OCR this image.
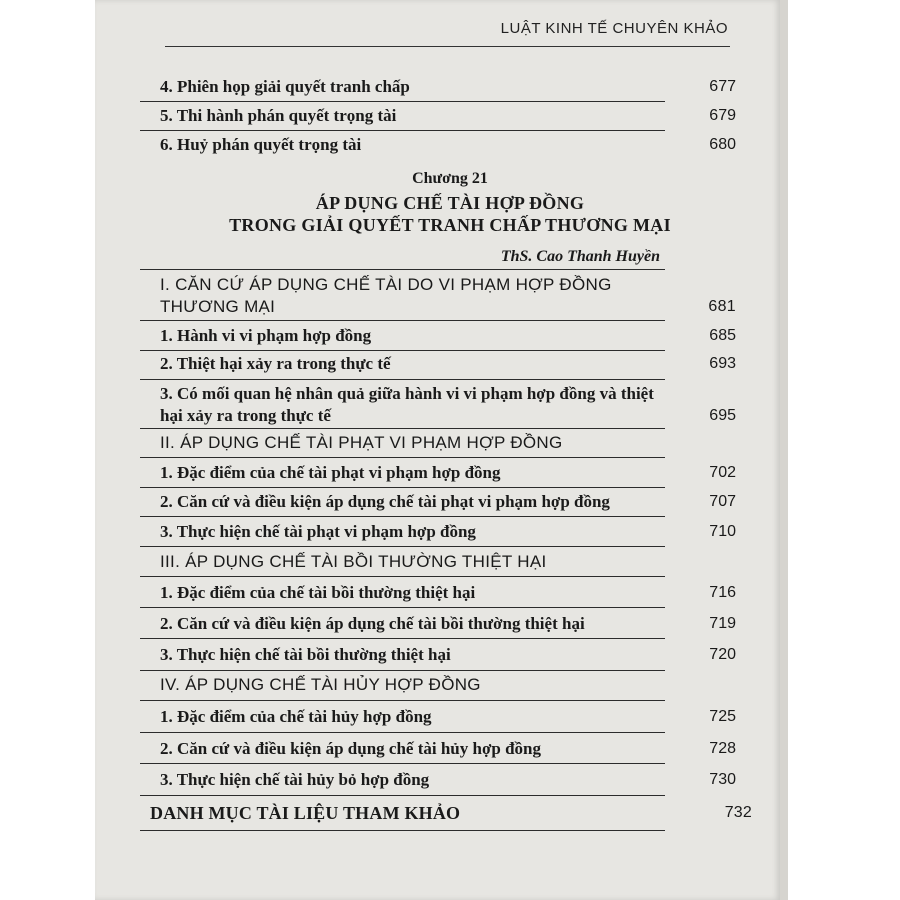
LUẬT KINH TẾ CHUYÊN KHẢO
4. Phiên họp giải quyết tranh chấp	677
5. Thi hành phán quyết trọng tài	679
6. Huỷ phán quyết trọng tài	680
Chương 21
ÁP DỤNG CHẾ TÀI HỢP ĐỒNG
TRONG GIẢI QUYẾT TRANH CHẤP THƯƠNG MẠI
ThS. Cao Thanh Huyền
I. CĂN CỨ ÁP DỤNG CHẾ TÀI DO VI PHẠM HỢP ĐỒNG THƯƠNG MẠI	681
1. Hành vi vi phạm hợp đồng	685
2. Thiệt hại xảy ra trong thực tế	693
3. Có mối quan hệ nhân quả giữa hành vi vi phạm hợp đồng và thiệt hại xảy ra trong thực tế	695
II. ÁP DỤNG CHẾ TÀI PHẠT VI PHẠM HỢP ĐỒNG
1. Đặc điểm của chế tài phạt vi phạm hợp đồng	702
2. Căn cứ và điều kiện áp dụng chế tài phạt vi phạm hợp đồng	707
3. Thực hiện chế tài phạt vi phạm hợp đồng	710
III. ÁP DỤNG CHẾ TÀI BỒI THƯỜNG THIỆT HẠI
1. Đặc điểm của chế tài bồi thường thiệt hại	716
2. Căn cứ và điều kiện áp dụng chế tài bồi thường thiệt hại	719
3. Thực hiện chế tài bồi thường thiệt hại	720
IV. ÁP DỤNG CHẾ TÀI HỦY HỢP ĐỒNG
1. Đặc điểm của chế tài hủy hợp đồng	725
2. Căn cứ và điều kiện áp dụng chế tài hủy hợp đồng	728
3. Thực hiện chế tài hủy bỏ hợp đồng	730
DANH MỤC TÀI LIỆU THAM KHẢO	732
